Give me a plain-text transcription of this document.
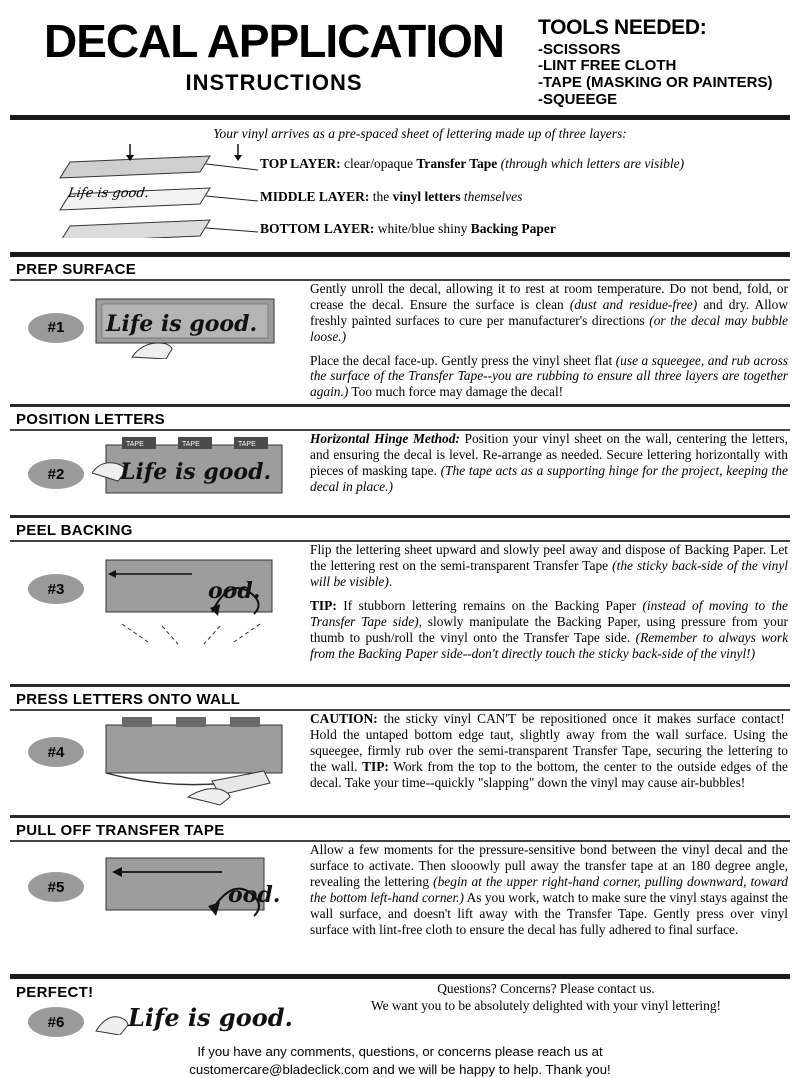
DECAL APPLICATION
INSTRUCTIONS
TOOLS NEEDED:
-SCISSORS
-LINT FREE CLOTH
-TAPE (MASKING OR PAINTERS)
-SQUEEGE
Your vinyl arrives as a pre-spaced sheet of lettering made up of three layers:
Life is good.
TOP LAYER: clear/opaque Transfer Tape (through which letters are visible)
MIDDLE LAYER: the vinyl letters themselves
BOTTOM LAYER: white/blue shiny Backing Paper
PREP SURFACE
#1	Life is good.

Gently unroll the decal, allowing it to rest at room temperature. Do not bend, fold, or crease the decal. Ensure the surface is clean (dust and residue-free) and dry. Allow freshly painted surfaces to cure per manufacturer's directions (or the decal may bubble loose.)

Place the decal face-up. Gently press the vinyl sheet flat (use a squeegee, and rub across the surface of the Transfer Tape--you are rubbing to ensure all three layers are together again.) Too much force may damage the decal!

POSITION LETTERS
#2
TAPE	TAPE	TAPE
Life is good.

Horizontal Hinge Method: Position your vinyl sheet on the wall, centering the letters, and ensuring the decal is level. Re-arrange as needed. Secure lettering horizontally with pieces of masking tape. (The tape acts as a supporting hinge for the project, keeping the decal in place.)

PEEL BACKING
#3	ood.

Flip the lettering sheet upward and slowly peel away and dispose of Backing Paper. Let the lettering rest on the semi-transparent Transfer Tape (the sticky back-side of the vinyl will be visible).

TIP: If stubborn lettering remains on the Backing Paper (instead of moving to the Transfer Tape side), slowly manipulate the Backing Paper, using pressure from your thumb to push/roll the vinyl onto the Transfer Tape side. (Remember to always work from the Backing Paper side--don't directly touch the sticky back-side of the vinyl!)

PRESS LETTERS ONTO WALL
#4

CAUTION: the sticky vinyl CAN'T be repositioned once it makes surface contact!  Hold the untaped bottom edge taut, slightly away from the wall surface. Using the squeegee, firmly rub over the semi-transparent Transfer Tape, securing the lettering to the wall. TIP: Work from the top to the bottom, the center to the outside edges of the decal. Take your time--quickly "slapping" down the vinyl may cause air-bubbles!

PULL OFF TRANSFER TAPE
#5	ood.

Allow a few moments for the pressure-sensitive bond between the vinyl decal and the surface to activate. Then slooowly pull away the transfer tape at an 180 degree angle, revealing the lettering (begin at the upper right-hand corner, pulling downward, toward the bottom left-hand corner.) As you work, watch to make sure the vinyl stays against the wall surface, and doesn't lift away with the Transfer Tape. Gently press over vinyl surface with lint-free cloth to ensure the decal has fully adhered to final surface.

PERFECT!
#6	Life is good.
Questions? Concerns? Please contact us.
We want you to be absolutely delighted with your vinyl lettering!
If you have any comments, questions, or concerns please reach us at
customercare@bladeclick.com and we will be happy to help. Thank you!
